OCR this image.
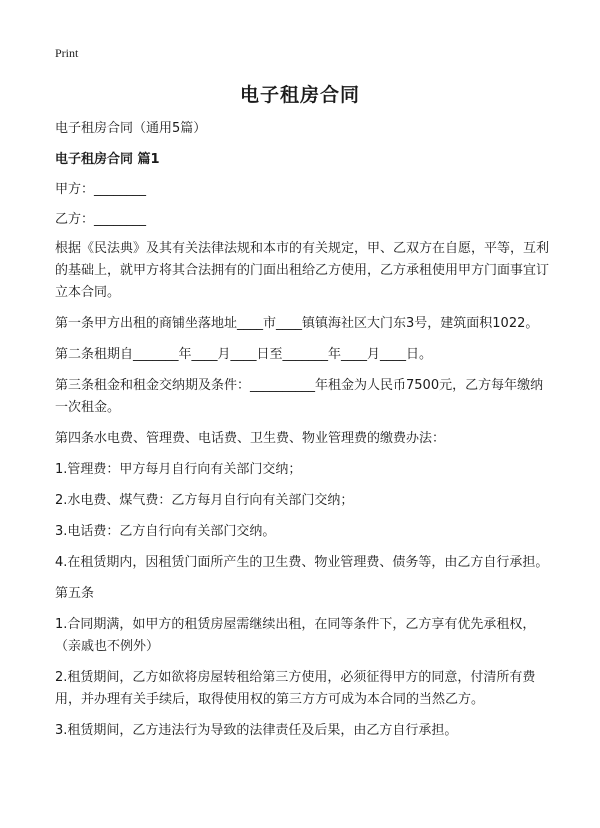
Print
电子租房合同
电子租房合同（通用5篇）
电子租房合同 篇1
甲方：________
乙方：________

根据《民法典》及其有关法律法规和本市的有关规定，甲、乙双方在自愿，平等，互利的基础上，就甲方将其合法拥有的门面出租给乙方使用，乙方承租使用甲方门面事宜订立本合同。

第一条甲方出租的商铺坐落地址____市____镇镇海社区大门东3号，建筑面积1022。

第二条租期自_______年____月____日至_______年____月____日。

第三条租金和租金交纳期及条件：__________年租金为人民币7500元，乙方每年缴纳一次租金。

第四条水电费、管理费、电话费、卫生费、物业管理费的缴费办法：

1.管理费：甲方每月自行向有关部门交纳；

2.水电费、煤气费：乙方每月自行向有关部门交纳；

3.电话费：乙方自行向有关部门交纳。

4.在租赁期内，因租赁门面所产生的卫生费、物业管理费、债务等，由乙方自行承担。

第五条

1.合同期满，如甲方的租赁房屋需继续出租，在同等条件下，乙方享有优先承租权，（亲戚也不例外）

2.租赁期间，乙方如欲将房屋转租给第三方使用，必须征得甲方的同意，付清所有费用，并办理有关手续后，取得使用权的第三方方可成为本合同的当然乙方。

3.租赁期间，乙方违法行为导致的法律责任及后果，由乙方自行承担。
